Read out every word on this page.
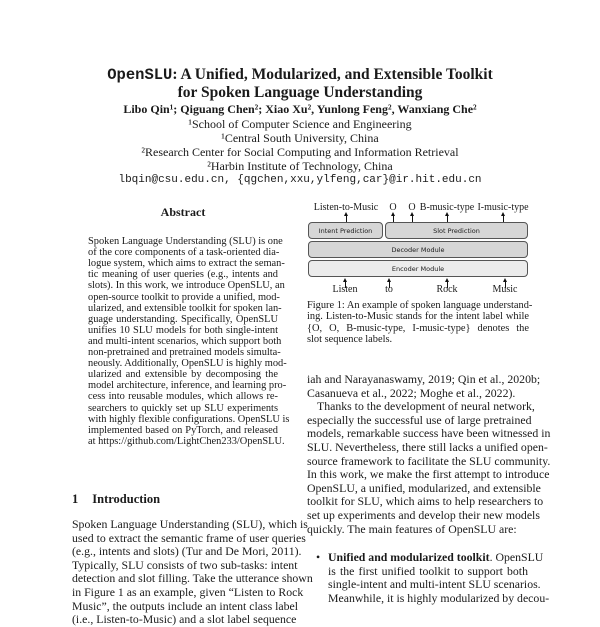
OpenSLU: A Unified, Modularized, and Extensible Toolkit
for Spoken Language Understanding
Libo Qin¹; Qiguang Chen²; Xiao Xu², Yunlong Feng², Wanxiang Che²
¹School of Computer Science and Engineering
¹Central South University, China
²Research Center for Social Computing and Information Retrieval
²Harbin Institute of Technology, China
lbqin@csu.edu.cn, {qgchen,xxu,ylfeng,car}@ir.hit.edu.cn
Abstract
Spoken Language Understanding (SLU) is one
of the core components of a task-oriented dia-
logue system, which aims to extract the seman-
tic meaning of user queries (e.g., intents and
slots). In this work, we introduce OpenSLU, an
open-source toolkit to provide a unified, mod-
ularized, and extensible toolkit for spoken lan-
guage understanding. Specifically, OpenSLU
unifies 10 SLU models for both single-intent
and multi-intent scenarios, which support both
non-pretrained and pretrained models simulta-
neously. Additionally, OpenSLU is highly mod-
ularized and extensible by decomposing the
model architecture, inference, and learning pro-
cess into reusable modules, which allows re-
searchers to quickly set up SLU experiments
with highly flexible configurations. OpenSLU is
implemented based on PyTorch, and released
at https://github.com/LightChen233/OpenSLU.
1 Introduction
Spoken Language Understanding (SLU), which is
used to extract the semantic frame of user queries
(e.g., intents and slots) (Tur and De Mori, 2011).
Typically, SLU consists of two sub-tasks: intent
detection and slot filling. Take the utterance shown
in Figure 1 as an example, given “Listen to Rock
Music”, the outputs include an intent class label
(i.e., Listen-to-Music) and a slot label sequence
Listen-to-Music O O B-music-type I-music-type
Intent Prediction	Slot Prediction
Decoder Module
Encoder Module
Listen	to	Rock	Music
Figure 1: An example of spoken language understand-
ing. Listen-to-Music stands for the intent label while
{O, O, B-music-type, I-music-type} denotes the
slot sequence labels.
iah and Narayanaswamy, 2019; Qin et al., 2020b;
Casanueva et al., 2022; Moghe et al., 2022).
Thanks to the development of neural network,
especially the successful use of large pretrained
models, remarkable success have been witnessed in
SLU. Nevertheless, there still lacks a unified open-
source framework to facilitate the SLU community.
In this work, we make the first attempt to introduce
OpenSLU, a unified, modularized, and extensible
toolkit for SLU, which aims to help researchers to
set up experiments and develop their new models
quickly. The main features of OpenSLU are:
• Unified and modularized toolkit. OpenSLU
is the first unified toolkit to support both
single-intent and multi-intent SLU scenarios.
Meanwhile, it is highly modularized by decou-
